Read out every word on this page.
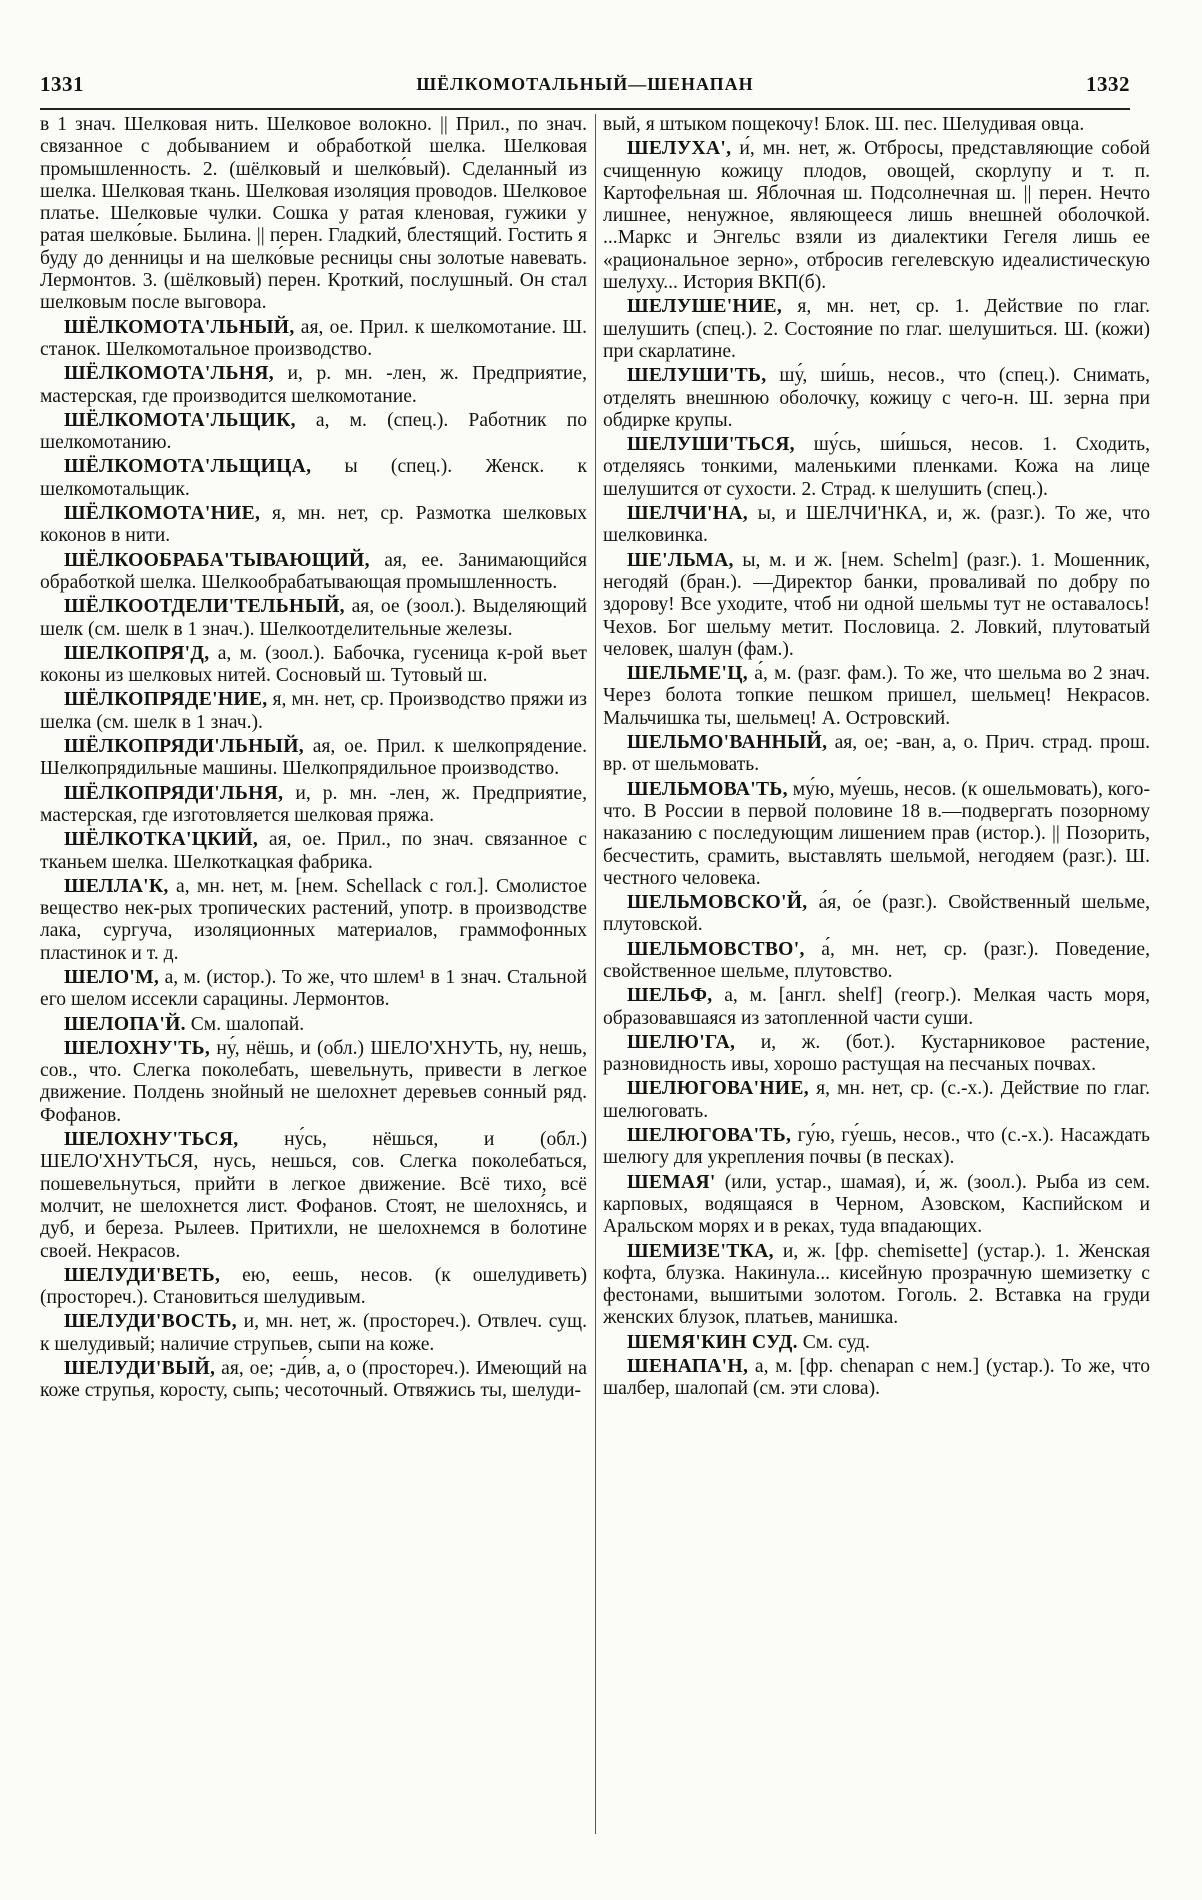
1331	ШЁЛКОМОТАЛЬНЫЙ—ШЕНАПАН	1332

в 1 знач. Шелковая нить. Шелковое волокно. || Прил., по знач. связанное с добыванием и обработкой шелка. Шелковая промышленность. 2. (шёлковый и шелко́вый). Сделанный из шелка. Шелковая ткань. Шелковая изоляция проводов. Шелковое платье. Шелковые чулки. Сошка у ратая кленовая, гужики у ратая шелко́вые. Былина. || перен. Гладкий, блестящий. Гостить я буду до денницы и на шелко́вые ресницы сны золотые навевать. Лермонтов. 3. (шёлковый) перен. Кроткий, послушный. Он стал шелковым после выговора.

ШЁЛКОМОТА'ЛЬНЫЙ, ая, ое. Прил. к шелкомотание. Ш. станок. Шелкомотальное производство.

ШЁЛКОМОТА'ЛЬНЯ, и, р. мн. -лен, ж. Предприятие, мастерская, где производится шелкомотание.

ШЁЛКОМОТА'ЛЬЩИК, а, м. (спец.). Работник по шелкомотанию.

ШЁЛКОМОТА'ЛЬЩИЦА, ы (спец.). Женск. к шелкомотальщик.

ШЁЛКОМОТА'НИЕ, я, мн. нет, ср. Размотка шелковых коконов в нити.

ШЁЛКООБРАБА'ТЫВАЮЩИЙ, ая, ее. Занимающийся обработкой шелка. Шелкообрабатывающая промышленность.

ШЁЛКООТДЕЛИ'ТЕЛЬНЫЙ, ая, ое (зоол.). Выделяющий шелк (см. шелк в 1 знач.). Шелкоотделительные железы.

ШЕЛКОПРЯ'Д, а, м. (зоол.). Бабочка, гусеница к-рой вьет коконы из шелковых нитей. Сосновый ш. Тутовый ш.

ШЁЛКОПРЯДЕ'НИЕ, я, мн. нет, ср. Производство пряжи из шелка (см. шелк в 1 знач.).

ШЁЛКОПРЯДИ'ЛЬНЫЙ, ая, ое. Прил. к шелкопрядение. Шелкопрядильные машины. Шелкопрядильное производство.

ШЁЛКОПРЯДИ'ЛЬНЯ, и, р. мн. -лен, ж. Предприятие, мастерская, где изготовляется шелковая пряжа.

ШЁЛКОТКА'ЦКИЙ, ая, ое. Прил., по знач. связанное с тканьем шелка. Шелкоткацкая фабрика.

ШЕЛЛА'К, а, мн. нет, м. [нем. Schellack с гол.]. Смолистое вещество нек-рых тропических растений, употр. в производстве лака, сургуча, изоляционных материалов, граммофонных пластинок и т. д.

ШЕЛО'М, а, м. (истор.). То же, что шлем¹ в 1 знач. Стальной его шелом иссекли сарацины. Лермонтов.

ШЕЛОПА'Й. См. шалопай.

ШЕЛОХНУ'ТЬ, ну́, нёшь, и (обл.) ШЕЛО'ХНУТЬ, ну, нешь, сов., что. Слегка поколебать, шевельнуть, привести в легкое движение. Полдень знойный не шелохнет деревьев сонный ряд. Фофанов.

ШЕЛОХНУ'ТЬСЯ, ну́сь, нёшься, и (обл.) ШЕЛО'ХНУТЬСЯ, нусь, нешься, сов. Слегка поколебаться, пошевельнуться, прийти в легкое движение. Всё тихо, всё молчит, не шелохнется лист. Фофанов. Стоят, не шелохня́сь, и дуб, и береза. Рылеев. Притихли, не шелохнемся в болотине своей. Некрасов.

ШЕЛУДИ'ВЕТЬ, ею, еешь, несов. (к ошелудиветь) (простореч.). Становиться шелудивым.

ШЕЛУДИ'ВОСТЬ, и, мн. нет, ж. (простореч.). Отвлеч. сущ. к шелудивый; наличие струпьев, сыпи на коже.

ШЕЛУДИ'ВЫЙ, ая, ое; -ди́в, а, о (простореч.). Имеющий на коже струпья, коросту, сыпь; чесоточный. Отвяжись ты, шелуди-

вый, я штыком пощекочу! Блок. Ш. пес. Шелудивая овца.

ШЕЛУХА', и́, мн. нет, ж. Отбросы, представляющие собой счищенную кожицу плодов, овощей, скорлупу и т. п. Картофельная ш. Яблочная ш. Подсолнечная ш. || перен. Нечто лишнее, ненужное, являющееся лишь внешней оболочкой. ...Маркс и Энгельс взяли из диалектики Гегеля лишь ее «рациональное зерно», отбросив гегелевскую идеалистическую шелуху... История ВКП(б).

ШЕЛУШЕ'НИЕ, я, мн. нет, ср. 1. Действие по глаг. шелушить (спец.). 2. Состояние по глаг. шелушиться. Ш. (кожи) при скарлатине.

ШЕЛУШИ'ТЬ, шу́, ши́шь, несов., что (спец.). Снимать, отделять внешнюю оболочку, кожицу с чего-н. Ш. зерна при обдирке крупы.

ШЕЛУШИ'ТЬСЯ, шу́сь, ши́шься, несов. 1. Сходить, отделяясь тонкими, маленькими пленками. Кожа на лице шелушится от сухости. 2. Страд. к шелушить (спец.).

ШЕЛЧИ'НА, ы, и ШЕЛЧИ'НКА, и, ж. (разг.). То же, что шелковинка.

ШЕ'ЛЬМА, ы, м. и ж. [нем. Schelm] (разг.). 1. Мошенник, негодяй (бран.). —Директор банки, проваливай по добру по здорову! Все уходите, чтоб ни одной шельмы тут не оставалось! Чехов. Бог шельму метит. Пословица. 2. Ловкий, плутоватый человек, шалун (фам.).

ШЕЛЬМЕ'Ц, а́, м. (разг. фам.). То же, что шельма во 2 знач. Через болота топкие пешком пришел, шельмец! Некрасов. Мальчишка ты, шельмец! А. Островский.

ШЕЛЬМО'ВАННЫЙ, ая, ое; -ван, а, о. Прич. страд. прош. вр. от шельмовать.

ШЕЛЬМОВА'ТЬ, му́ю, му́ешь, несов. (к ошельмовать), кого-что. В России в первой половине 18 в.—подвергать позорному наказанию с последующим лишением прав (истор.). || Позорить, бесчестить, срамить, выставлять шельмой, негодяем (разг.). Ш. честного человека.

ШЕЛЬМОВСКО'Й, а́я, о́е (разг.). Свойственный шельме, плутовской.

ШЕЛЬМОВСТВО', а́, мн. нет, ср. (разг.). Поведение, свойственное шельме, плутовство.

ШЕЛЬФ, а, м. [англ. shelf] (геогр.). Мелкая часть моря, образовавшаяся из затопленной части суши.

ШЕЛЮ'ГА, и, ж. (бот.). Кустарниковое растение, разновидность ивы, хорошо растущая на песчаных почвах.

ШЕЛЮГОВА'НИЕ, я, мн. нет, ср. (с.-х.). Действие по глаг. шелюговать.

ШЕЛЮГОВА'ТЬ, гу́ю, гу́ешь, несов., что (с.-х.). Насаждать шелюгу для укрепления почвы (в песках).

ШЕМАЯ' (или, устар., шамая), и́, ж. (зоол.). Рыба из сем. карповых, водящаяся в Черном, Азовском, Каспийском и Аральском морях и в реках, туда впадающих.

ШЕМИЗЕ'ТКА, и, ж. [фр. chemisette] (устар.). 1. Женская кофта, блузка. Накинула... кисейную прозрачную шемизетку с фестонами, вышитыми золотом. Гоголь. 2. Вставка на груди женских блузок, платьев, манишка.

ШЕМЯ'КИН СУД. См. суд.

ШЕНАПА'Н, а, м. [фр. chenapan с нем.] (устар.). То же, что шалбер, шалопай (см. эти слова).
